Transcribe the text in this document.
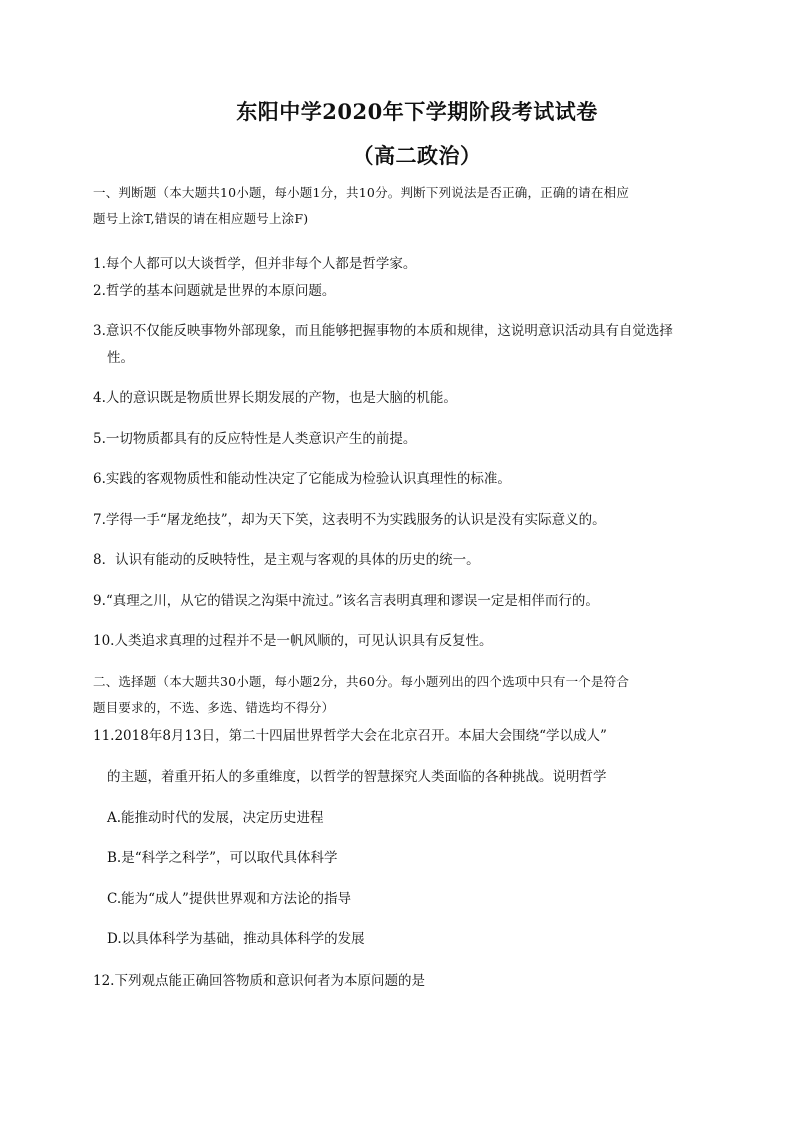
东阳中学2020年下学期阶段考试试卷
（高二政治）
一、判断题（本大题共10小题，每小题1分，共10分。判断下列说法是否正确，正确的请在相应
题号上涂T,错误的请在相应题号上涂F)
1.每个人都可以大谈哲学，但并非每个人都是哲学家。
2.哲学的基本问题就是世界的本原问题。
3.意识不仅能反映事物外部现象，而且能够把握事物的本质和规律，这说明意识活动具有自觉选择
性。
4.人的意识既是物质世界长期发展的产物，也是大脑的机能。
5.一切物质都具有的反应特性是人类意识产生的前提。
6.实践的客观物质性和能动性决定了它能成为检验认识真理性的标准。
7.学得一手“屠龙绝技”，却为天下笑，这表明不为实践服务的认识是没有实际意义的。
8．认识有能动的反映特性，是主观与客观的具体的历史的统一。
9.“真理之川，从它的错误之沟渠中流过。”该名言表明真理和谬误一定是相伴而行的。
10.人类追求真理的过程并不是一帆风顺的，可见认识具有反复性。
二、选择题（本大题共30小题，每小题2分，共60分。每小题列出的四个选项中只有一个是符合
题目要求的，不选、多选、错选均不得分）
11.2018年8月13日，第二十四届世界哲学大会在北京召开。本届大会围绕“学以成人”
的主题，着重开拓人的多重维度，以哲学的智慧探究人类面临的各种挑战。说明哲学
A.能推动时代的发展，决定历史进程
B.是“科学之科学”，可以取代具体科学
C.能为“成人”提供世界观和方法论的指导
D.以具体科学为基础，推动具体科学的发展
12.下列观点能正确回答物质和意识何者为本原问题的是
